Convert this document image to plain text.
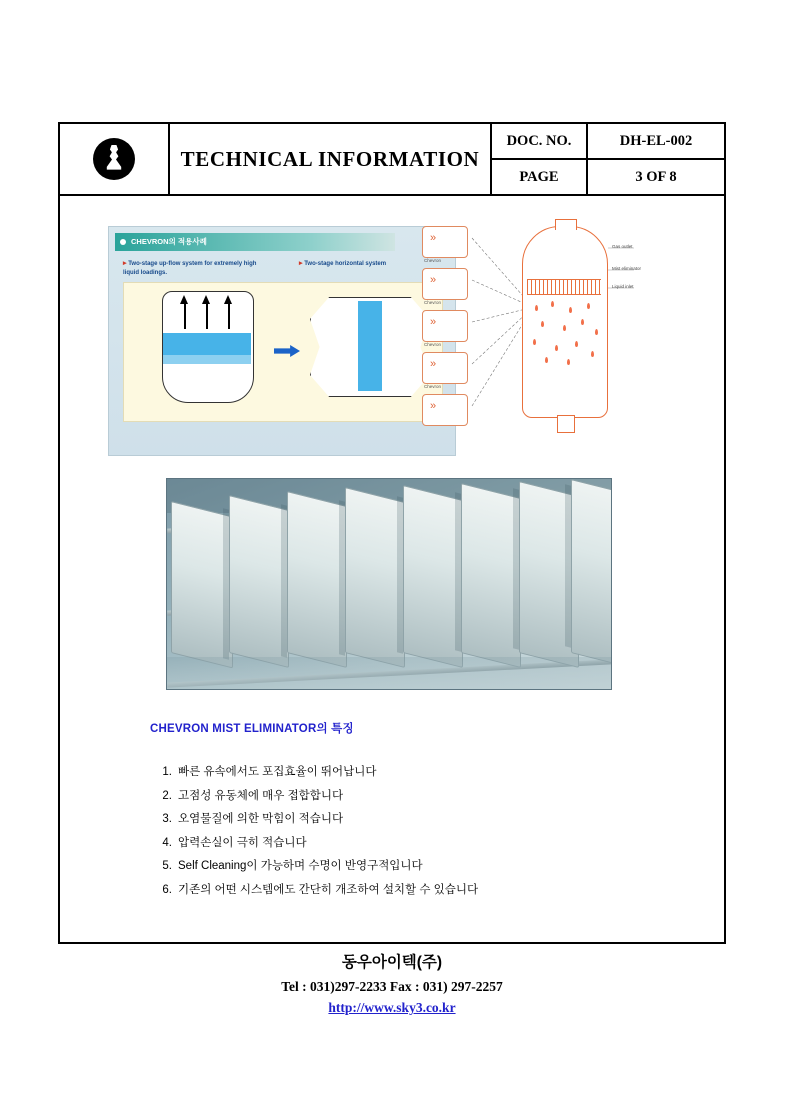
TECHNICAL INFORMATION
DOC. NO.	DH-EL-002
PAGE	3 OF 8
CHEVRON의 적용사례
▸ Two-stage up-flow system for extremely high liquid loadings.
▸ Two-stage horizontal system
»
Chevron
»
Chevron
»
Chevron
»
Chevron
»
Gas outlet
Mist eliminator
Liquid inlet
CHEVRON MIST ELIMINATOR의 특징
1. 빠른 유속에서도 포집효율이 뛰어납니다
2. 고점성 유동체에 매우 접합합니다
3. 오염물질에 의한 막힘이 적습니다
4. 압력손실이 극히 적습니다
5. Self Cleaning이 가능하며 수명이 반영구적입니다
6. 기존의 어떤 시스템에도 간단히 개조하여 설치할 수 있습니다
동우아이텍(주)
Tel : 031)297-2233 Fax : 031) 297-2257
http://www.sky3.co.kr
